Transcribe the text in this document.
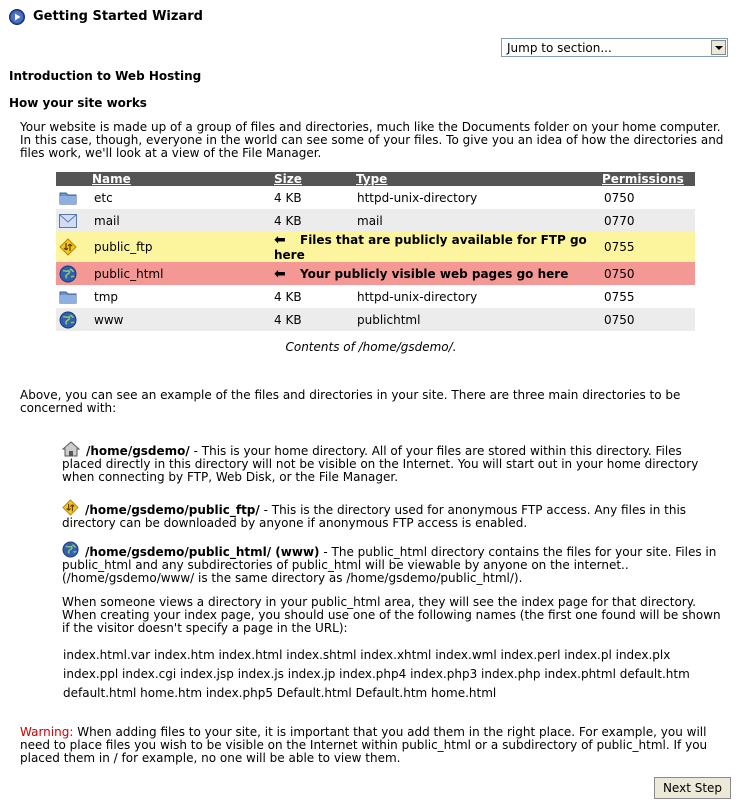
Getting Started Wizard
Jump to section...
Introduction to Web Hosting
How your site works
Your website is made up of a group of files and directories, much like the Documents folder on your home computer. In this case, though, everyone in the world can see some of your files. To give you an idea of how the directories and files work, we'll look at a view of the File Manager.
	Name	Size	Type	Permissions

	etc	4 KB	httpd-unix-directory	0750

	mail	4 KB	mail	0770

	public_ftp	⬅ Files that are publicly available for FTP go here		0755

	public_html	⬅ Your publicly visible web pages go here		0750

	tmp	4 KB	httpd-unix-directory	0755

	www	4 KB	publichtml	0750
Contents of /home/gsdemo/.
Above, you can see an example of the files and directories in your site. There are three main directories to be concerned with:
/home/gsdemo/ - This is your home directory. All of your files are stored within this directory. Files placed directly in this directory will not be visible on the Internet. You will start out in your home directory when connecting by FTP, Web Disk, or the File Manager.
/home/gsdemo/public_ftp/ - This is the directory used for anonymous FTP access. Any files in this directory can be downloaded by anyone if anonymous FTP access is enabled.
/home/gsdemo/public_html/ (www) - The public_html directory contains the files for your site. Files in public_html and any subdirectories of public_html will be viewable by anyone on the internet.. (/home/gsdemo/www/ is the same directory as /home/gsdemo/public_html/).
When someone views a directory in your public_html area, they will see the index page for that directory. When creating your index page, you should use one of the following names (the first one found will be shown if the visitor doesn't specify a page in the URL):
index.html.var index.htm index.html index.shtml index.xhtml index.wml index.perl index.pl index.plx
index.ppl index.cgi index.jsp index.js index.jp index.php4 index.php3 index.php index.phtml default.htm
default.html home.htm index.php5 Default.html Default.htm home.html
Warning: When adding files to your site, it is important that you add them in the right place. For example, you will need to place files you wish to be visible on the Internet within public_html or a subdirectory of public_html. If you placed them in / for example, no one will be able to view them.
Next Step
